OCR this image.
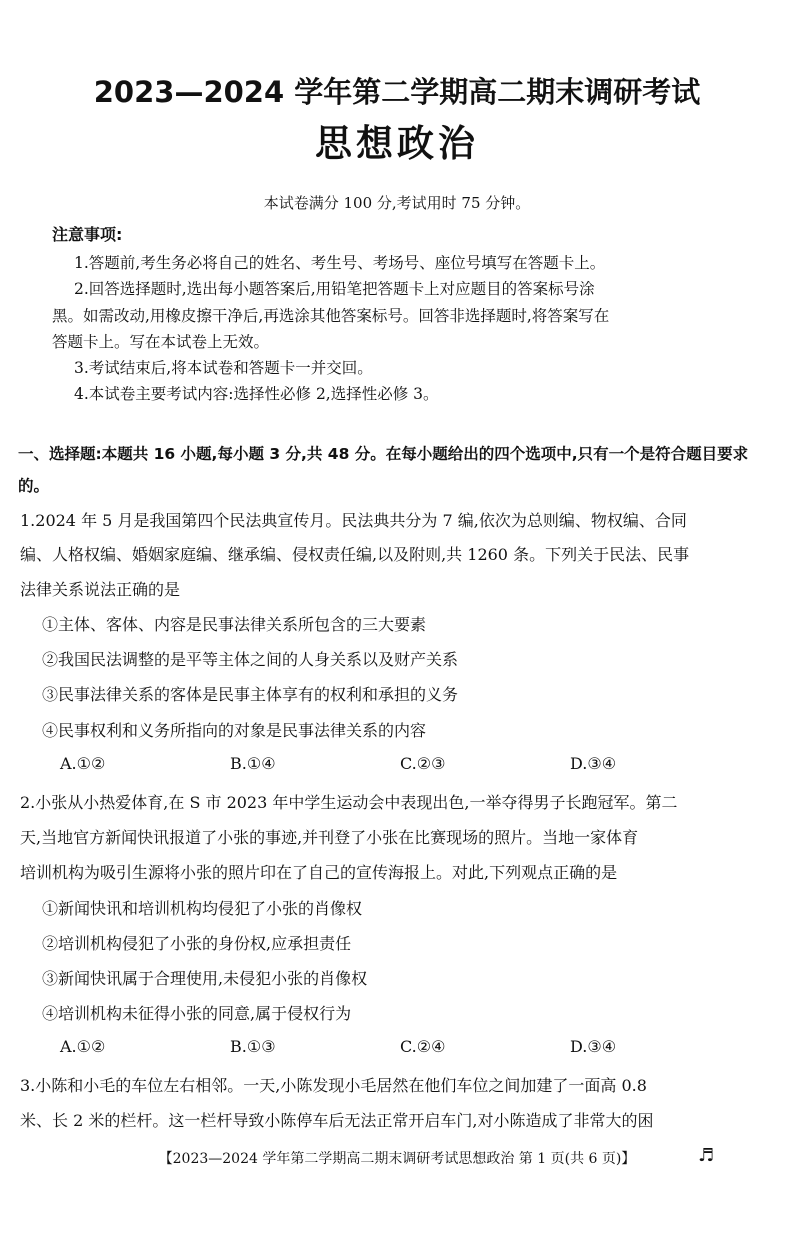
2023—2024 学年第二学期高二期末调研考试
思想政治
本试卷满分 100 分,考试用时 75 分钟。
注意事项:
1.答题前,考生务必将自己的姓名、考生号、考场号、座位号填写在答题卡上。
2.回答选择题时,选出每小题答案后,用铅笔把答题卡上对应题目的答案标号涂
黑。如需改动,用橡皮擦干净后,再选涂其他答案标号。回答非选择题时,将答案写在
答题卡上。写在本试卷上无效。
3.考试结束后,将本试卷和答题卡一并交回。
4.本试卷主要考试内容:选择性必修 2,选择性必修 3。
一、选择题:本题共 16 小题,每小题 3 分,共 48 分。在每小题给出的四个选项中,只有一个是符合题目要求的。
1.2024 年 5 月是我国第四个民法典宣传月。民法典共分为 7 编,依次为总则编、物权编、合同
编、人格权编、婚姻家庭编、继承编、侵权责任编,以及附则,共 1260 条。下列关于民法、民事
法律关系说法正确的是
①主体、客体、内容是民事法律关系所包含的三大要素
②我国民法调整的是平等主体之间的人身关系以及财产关系
③民事法律关系的客体是民事主体享有的权利和承担的义务
④民事权利和义务所指向的对象是民事法律关系的内容
A.①②	B.①④	C.②③	D.③④
2.小张从小热爱体育,在 S 市 2023 年中学生运动会中表现出色,一举夺得男子长跑冠军。第二
天,当地官方新闻快讯报道了小张的事迹,并刊登了小张在比赛现场的照片。当地一家体育
培训机构为吸引生源将小张的照片印在了自己的宣传海报上。对此,下列观点正确的是
①新闻快讯和培训机构均侵犯了小张的肖像权
②培训机构侵犯了小张的身份权,应承担责任
③新闻快讯属于合理使用,未侵犯小张的肖像权
④培训机构未征得小张的同意,属于侵权行为
A.①②	B.①③	C.②④	D.③④
3.小陈和小毛的车位左右相邻。一天,小陈发现小毛居然在他们车位之间加建了一面高 0.8
米、长 2 米的栏杆。这一栏杆导致小陈停车后无法正常开启车门,对小陈造成了非常大的困
【2023—2024 学年第二学期高二期末调研考试思想政治 第 1 页(共 6 页)】	♬
